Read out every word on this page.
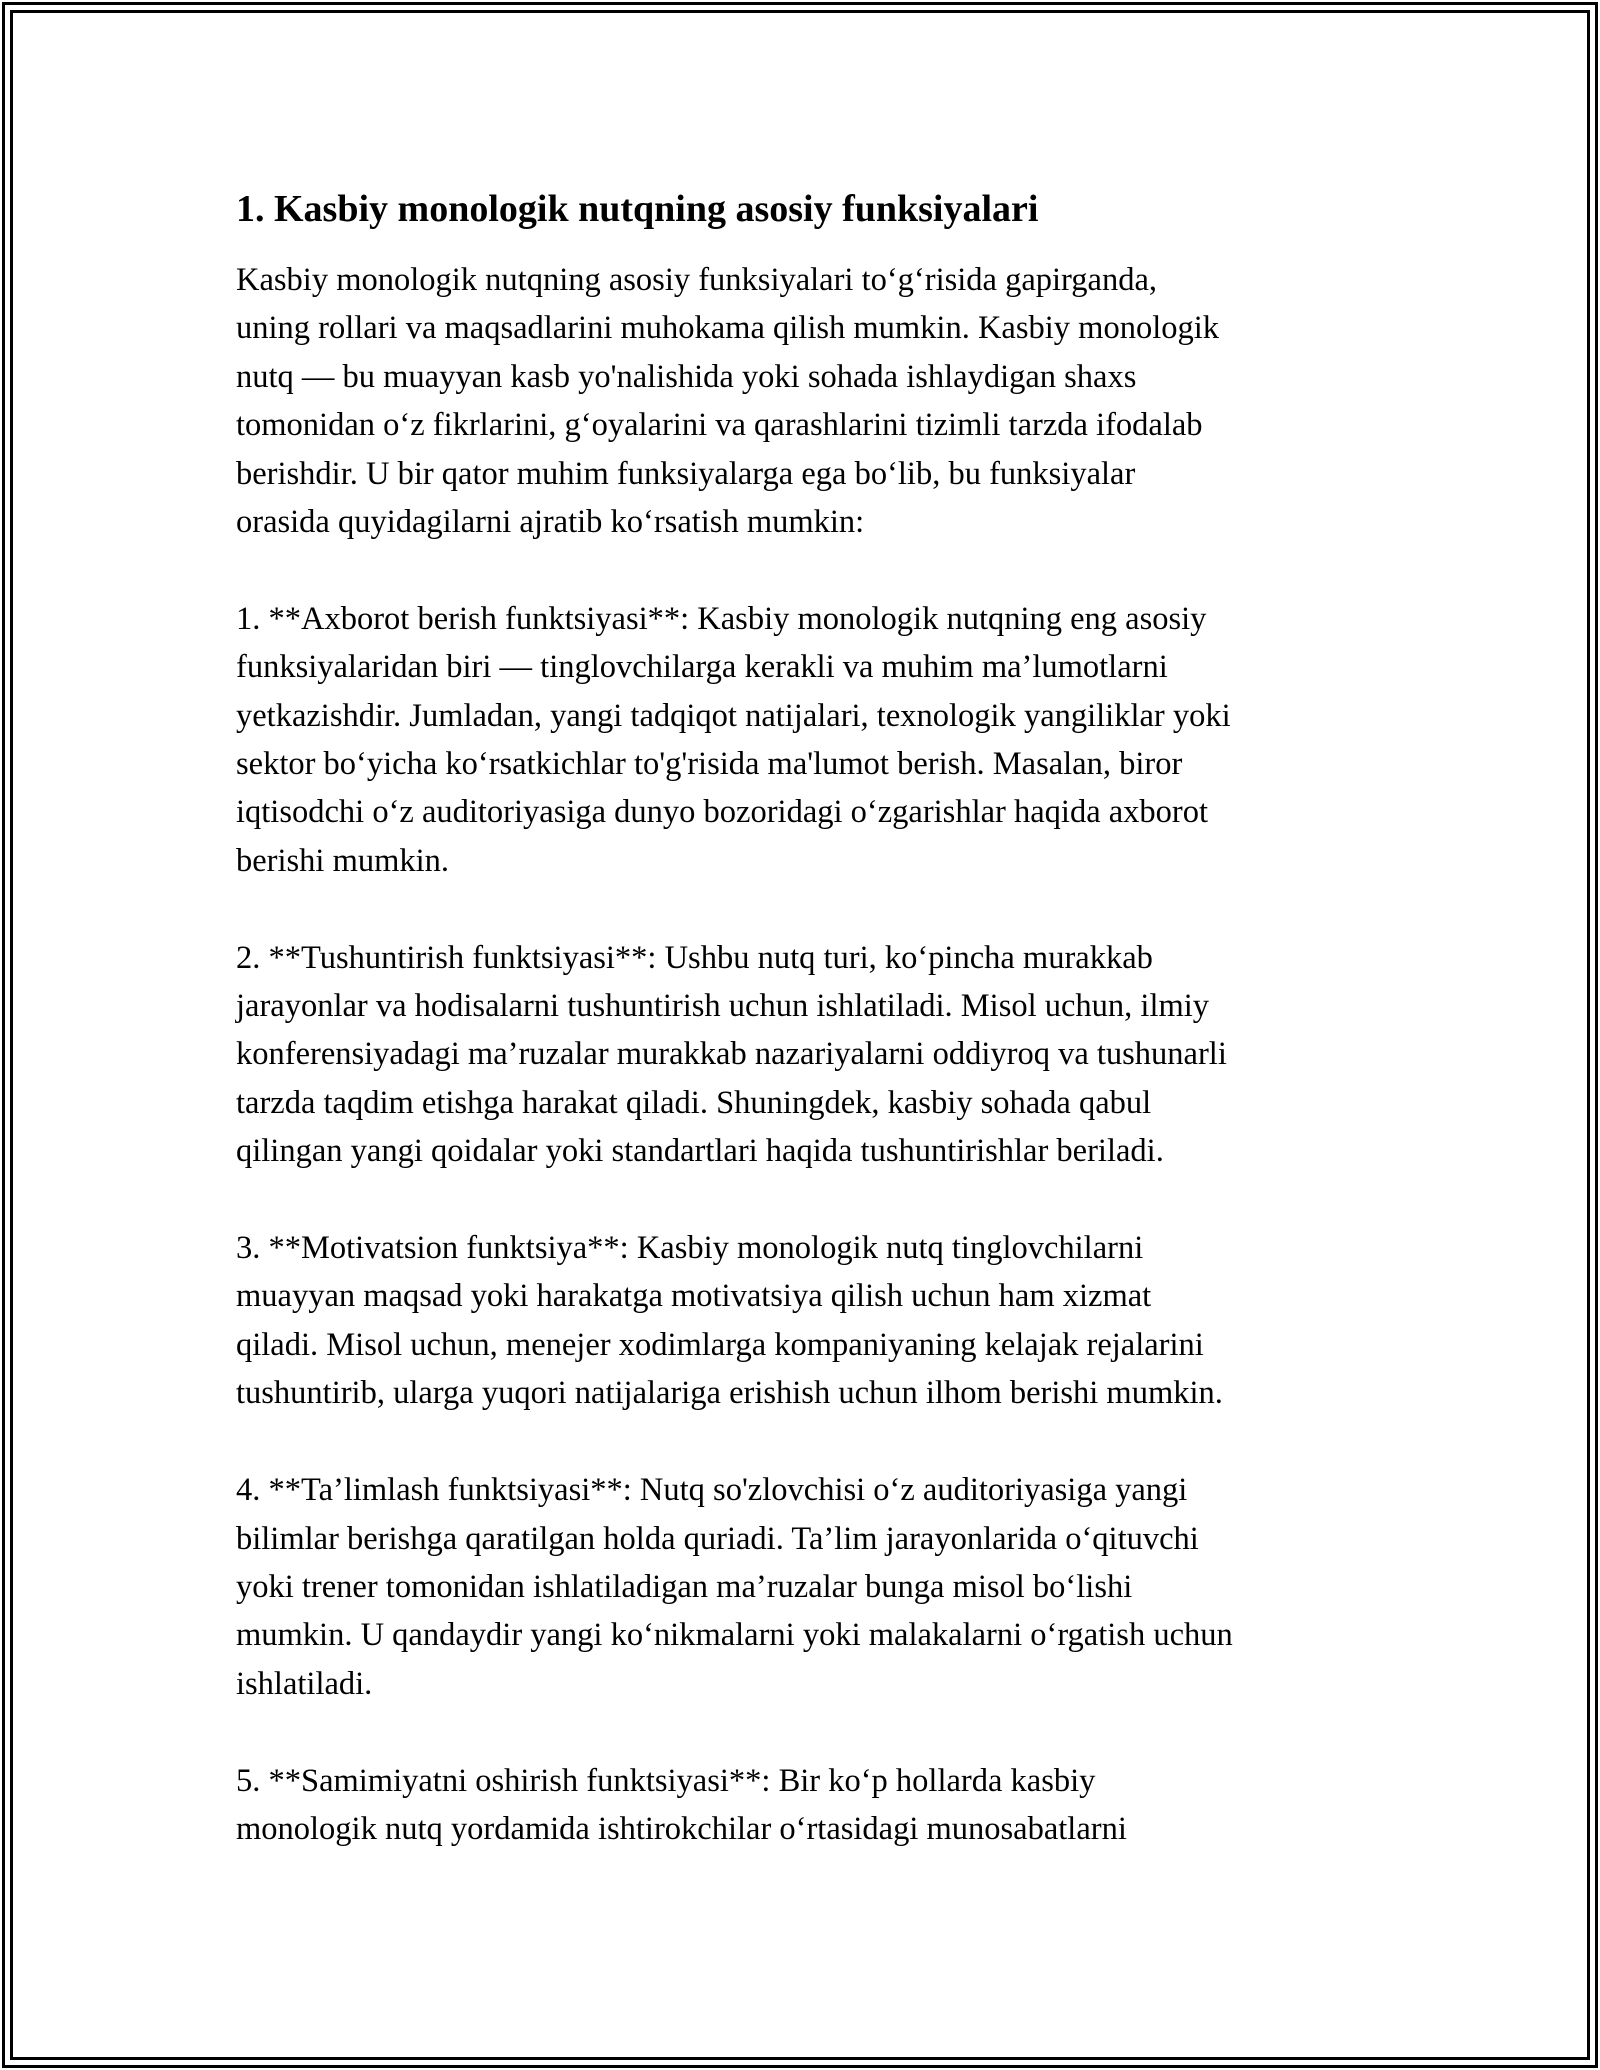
1. Kasbiy monologik nutqning asosiy funksiyalari

Kasbiy monologik nutqning asosiy funksiyalari to‘g‘risida gapirganda,
uning rollari va maqsadlarini muhokama qilish mumkin. Kasbiy monologik
nutq — bu muayyan kasb yo'nalishida yoki sohada ishlaydigan shaxs
tomonidan o‘z fikrlarini, g‘oyalarini va qarashlarini tizimli tarzda ifodalab
berishdir. U bir qator muhim funksiyalarga ega bo‘lib, bu funksiyalar
orasida quyidagilarni ajratib ko‘rsatish mumkin:

1. **Axborot berish funktsiyasi**: Kasbiy monologik nutqning eng asosiy
funksiyalaridan biri — tinglovchilarga kerakli va muhim ma’lumotlarni
yetkazishdir. Jumladan, yangi tadqiqot natijalari, texnologik yangiliklar yoki
sektor bo‘yicha ko‘rsatkichlar to'g'risida ma'lumot berish. Masalan, biror
iqtisodchi o‘z auditoriyasiga dunyo bozoridagi o‘zgarishlar haqida axborot
berishi mumkin.

2. **Tushuntirish funktsiyasi**: Ushbu nutq turi, ko‘pincha murakkab
jarayonlar va hodisalarni tushuntirish uchun ishlatiladi. Misol uchun, ilmiy
konferensiyadagi ma’ruzalar murakkab nazariyalarni oddiyroq va tushunarli
tarzda taqdim etishga harakat qiladi. Shuningdek, kasbiy sohada qabul
qilingan yangi qoidalar yoki standartlari haqida tushuntirishlar beriladi.

3. **Motivatsion funktsiya**: Kasbiy monologik nutq tinglovchilarni
muayyan maqsad yoki harakatga motivatsiya qilish uchun ham xizmat
qiladi. Misol uchun, menejer xodimlarga kompaniyaning kelajak rejalarini
tushuntirib, ularga yuqori natijalariga erishish uchun ilhom berishi mumkin.

4. **Ta’limlash funktsiyasi**: Nutq so'zlovchisi o‘z auditoriyasiga yangi
bilimlar berishga qaratilgan holda quriadi. Ta’lim jarayonlarida o‘qituvchi
yoki trener tomonidan ishlatiladigan ma’ruzalar bunga misol bo‘lishi
mumkin. U qandaydir yangi ko‘nikmalarni yoki malakalarni o‘rgatish uchun
ishlatiladi.

5. **Samimiyatni oshirish funktsiyasi**: Bir ko‘p hollarda kasbiy
monologik nutq yordamida ishtirokchilar o‘rtasidagi munosabatlarni
